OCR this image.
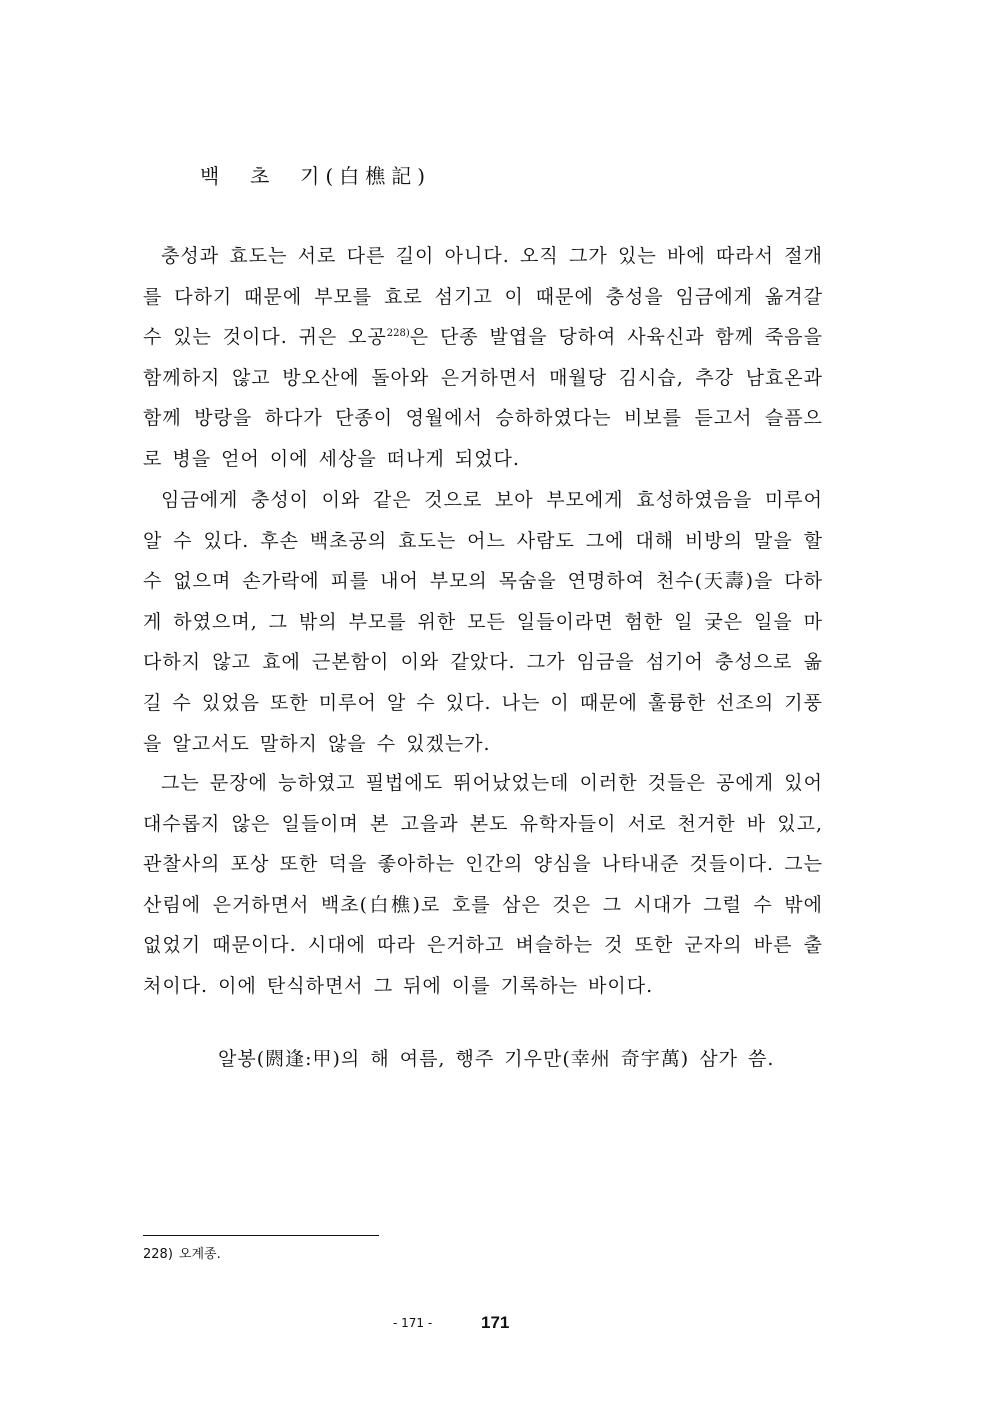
백  초  기(白樵記)

충성과 효도는 서로 다른 길이 아니다. 오직 그가 있는 바에 따라서 절개를 다하기 때문에 부모를 효로 섬기고 이 때문에 충성을 임금에게 옮겨갈 수 있는 것이다. 귀은 오공$^{228)}$은 단종 발엽을 당하여 사육신과 함께 죽음을 함께하지 않고 방오산에 돌아와 은거하면서 매월당 김시습, 추강 남효온과 함께 방랑을 하다가 단종이 영월에서 승하하였다는 비보를 듣고서 슬픔으로 병을 얻어 이에 세상을 떠나게 되었다.

임금에게 충성이 이와 같은 것으로 보아 부모에게 효성하였음을 미루어 알 수 있다. 후손 백초공의 효도는 어느 사람도 그에 대해 비방의 말을 할 수 없으며 손가락에 피를 내어 부모의 목숨을 연명하여 천수(天壽)을 다하게 하였으며, 그 밖의 부모를 위한 모든 일들이라면 험한 일 궂은 일을 마다하지 않고 효에 근본함이 이와 같았다. 그가 임금을 섬기어 충성으로 옮길 수 있었음 또한 미루어 알 수 있다. 나는 이 때문에 훌륭한 선조의 기풍을 알고서도 말하지 않을 수 있겠는가.

그는 문장에 능하였고 필법에도 뛰어났었는데 이러한 것들은 공에게 있어 대수롭지 않은 일들이며 본 고을과 본도 유학자들이 서로 천거한 바 있고, 관찰사의 포상 또한 덕을 좋아하는 인간의 양심을 나타내준 것들이다. 그는 산림에 은거하면서 백초(白樵)로 호를 삼은 것은 그 시대가 그럴 수 밖에 없었기 때문이다. 시대에 따라 은거하고 벼슬하는 것 또한 군자의 바른 출처이다. 이에 탄식하면서 그 뒤에 이를 기록하는 바이다.

알봉(閼逢:甲)의 해 여름, 행주 기우만(幸州 奇宇萬) 삼가 씀.
228) 오계종.
- 171 -	171
